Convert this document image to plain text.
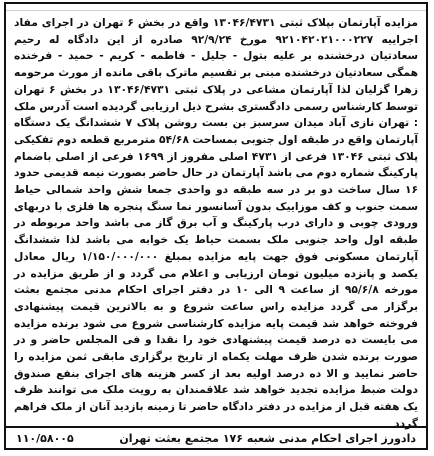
مزایده آپارتمان بپلاک ثبتی ۱۳۰۴۶/۴۷۳۱ واقع در بخش ۶ تهران در اجرای مفاد اجراییه ۹۲۱۰۴۲۰۲۱۰۰۰۲۲۷ مورخ ۹۲/۹/۲۴ صادره از این دادگاه له رحیم سعادتیان درخشنده بر علیه بتول - جلیل - فاطمه - کریم - حمید - فرخنده همگی سعادتیان درخشنده مبنی بر تقسیم ماترک باقی مانده از مورث مرحومه زهرا گزلیان لذا آپارتمان مشاعی در پلاک ثبتی ۱۳۰۴۶/۴۷۳۱ در بخش ۶ تهران توسط کارشناس رسمی دادگستری بشرح ذیل ارزیابی گردیده است آدرس ملک : تهران نازی آباد میدان سرسبز بن بست روشن پلاک ۷ ششدانگ یک دستگاه آپارتمان واقع در طبقه اول جنوبی بمساحت ۵۴/۶۸ مترمربع قطعه دوم تفکیکی پلاک ثبتی ۱۳۰۴۶ فرعی از ۴۷۳۱ اصلی مفروز از ۱۶۹۹ فرعی از اصلی باضمام پارکینگ شماره دوم می باشد آپارتمان در حال حاضر بصورت نیمه قدیمی حدود ۱۶ سال ساخت دو بر در سه طبقه دو واحدی جمعا شش واحد شمالی حیاط سمت جنوب و کف موزاییک بدون آسانسور نما سنگ پنجره ها فلزی با دربهای ورودی چوبی و دارای درب پارکینگ و آب برق گاز می باشد واحد مربوطه در طبقه اول واحد جنوبی ملک بسمت حیاط یک خوابه می باشد لذا ششدانگ آپارتمان مسکونی فوق جهت پایه مزایده بمبلغ ۱/۱۵۰/۰۰۰/۰۰۰ ریال معادل یکصد و پانزده میلیون تومان ارزیابی و اعلام می گردد و از طریق مزایده در مورخه ۹۵/۶/۸ از ساعت ۹ الی ۱۰ در دفتر اجرای احکام مدنی مجتمع بعثت برگزار می گردد مزایده راس ساعت شروع و به بالاترین قیمت پیشنهادی فروخته خواهد شد قیمت پایه مزایده کارشناسی شروع می شود برنده مزایده می بایست ده درصد قیمت پیشنهادی خود را نقدا و فی المجلس حاضر و در صورت برنده شدن ظرف مهلت یکماه از تاریخ برگزاری مابقی ثمن مزایده را حاضر نمایید و الا ده درصد اولیه بعد از کسر هزینه های اجرای بنفع صندوق دولت ضبط مزایده تجدید خواهد شد علاقمندان به رویت ملک می توانند ظرف یک هفته قبل از مزایده در دفتر دادگاه حاضر تا زمینه بازدید آنان از ملک فراهم گردد
دادورز اجرای احکام مدنی شعبه ۱۷۶ مجتمع بعثت تهران
۱۱۰/۵۸۰۰۵
